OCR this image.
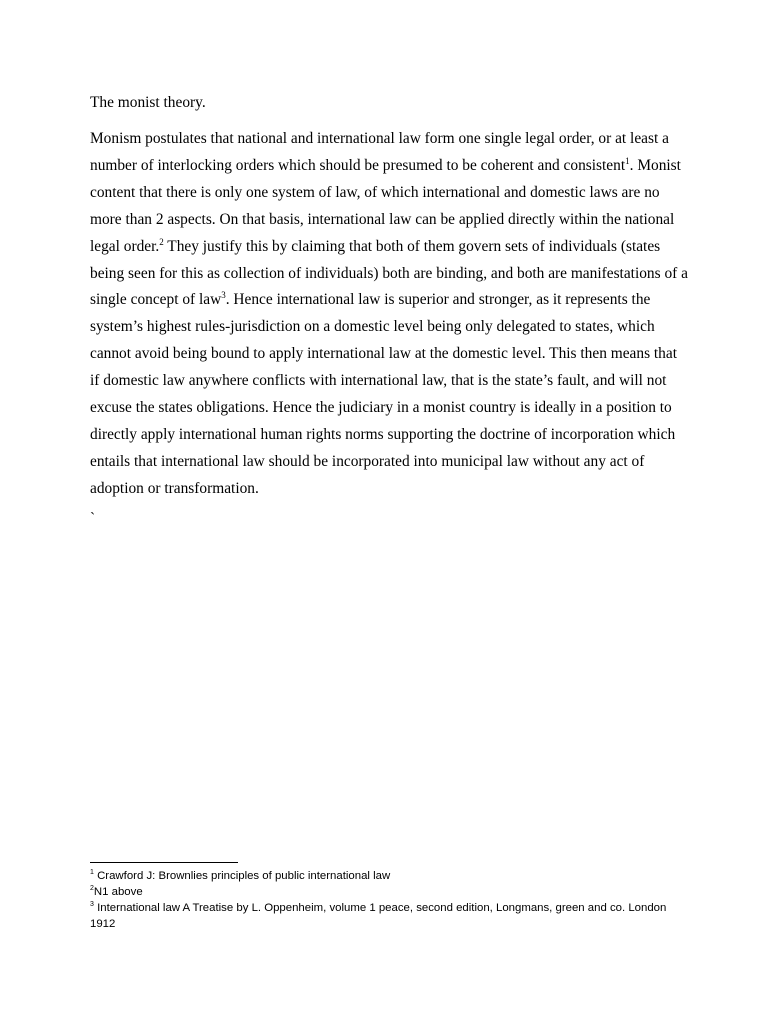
The monist theory.

Monism postulates that national and international law form one single legal order, or at least a
number of interlocking orders which should be presumed to be coherent and consistent$^1$. Monist
content that there is only one system of law, of which international and domestic laws are no
more than 2 aspects. On that basis, international law can be applied directly within the national
legal order.$^2$ They justify this by claiming that both of them govern sets of individuals (states
being seen for this as collection of individuals) both are binding, and both are manifestations of a
single concept of law$^3$. Hence international law is superior and stronger, as it represents the
system’s highest rules-jurisdiction on a domestic level being only delegated to states, which
cannot avoid being bound to apply international law at the domestic level. This then means that
if domestic law anywhere conflicts with international law, that is the state’s fault, and will not
excuse the states obligations. Hence the judiciary in a monist country is ideally in a position to
directly apply international human rights norms supporting the doctrine of incorporation which
entails that international law should be incorporated into municipal law without any act of
adoption or transformation.

`

$^1$ Crawford J: Brownlies principles of public international law

$^2$N1 above

$^3$ International law A Treatise by L. Oppenheim, volume 1 peace, second edition, Longmans, green and co. London

1912
